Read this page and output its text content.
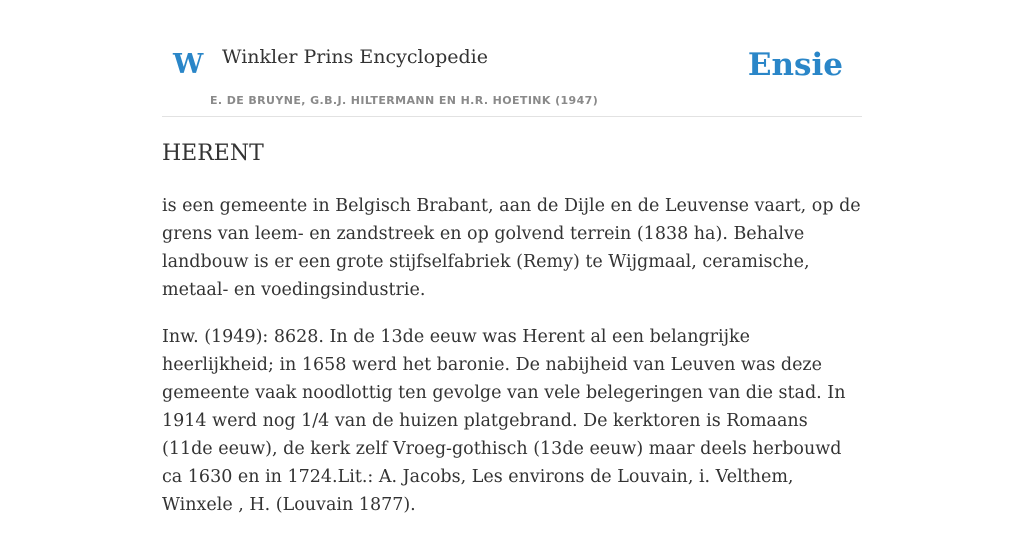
W Winkler Prins Encyclopedie
E. DE BRUYNE, G.B.J. HILTERMANN EN H.R. HOETINK (1947)
Ensie
HERENT

is een gemeente in Belgisch Brabant, aan de Dijle en de Leuvense vaart, op de grens van leem- en zandstreek en op golvend terrein (1838 ha). Behalve landbouw is er een grote stijfselfabriek (Remy) te Wijgmaal, ceramische, metaal- en voedingsindustrie.

Inw. (1949): 8628. In de 13de eeuw was Herent al een belangrijke heerlijkheid; in 1658 werd het baronie. De nabijheid van Leuven was deze gemeente vaak noodlottig ten gevolge van vele belegeringen van die stad. In 1914 werd nog 1/4 van de huizen platgebrand. De kerktoren is Romaans (11de eeuw), de kerk zelf Vroeg-gothisch (13de eeuw) maar deels herbouwd ca 1630 en in 1724.Lit.: A. Jacobs, Les environs de Louvain, i. Velthem, Winxele , H. (Louvain 1877).
